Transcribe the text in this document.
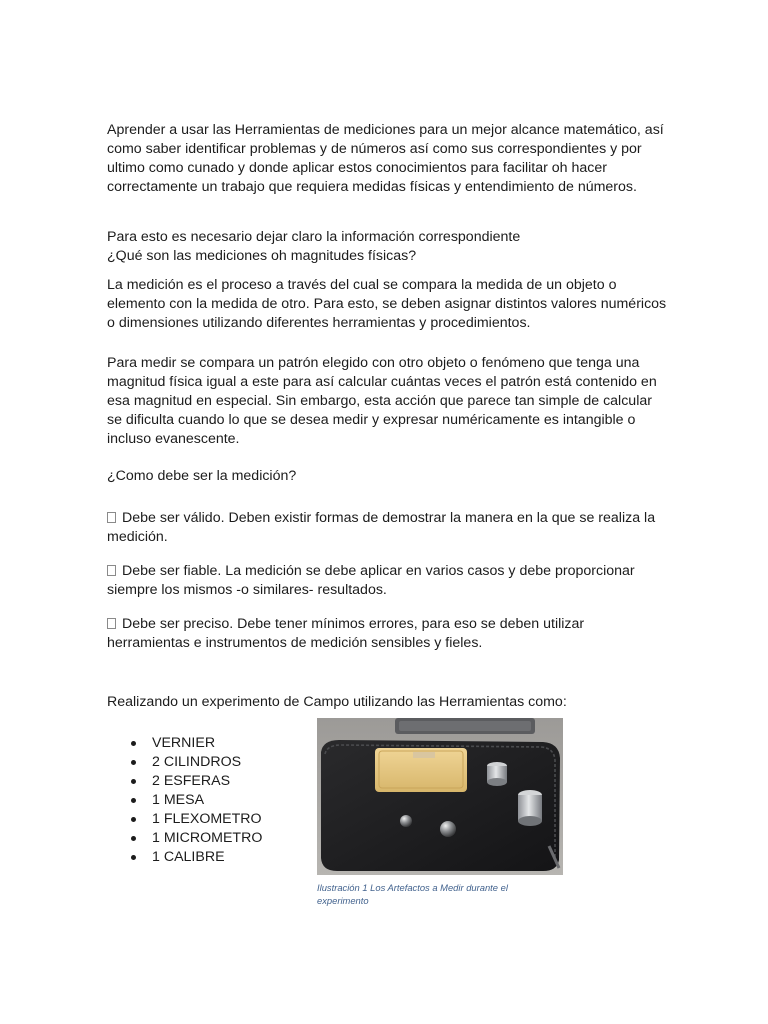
Aprender a usar las Herramientas de mediciones para un mejor alcance matemático, así como saber identificar problemas y de números así como sus correspondientes y por ultimo como cunado y donde aplicar estos conocimientos para facilitar oh hacer correctamente un trabajo que requiera medidas físicas y entendimiento de números.

Para esto es necesario dejar claro la información correspondiente

¿Qué son las mediciones oh magnitudes físicas?

La medición es el proceso a través del cual se compara la medida de un objeto o elemento con la medida de otro. Para esto, se deben asignar distintos valores numéricos o dimensiones utilizando diferentes herramientas y procedimientos.

Para medir se compara un patrón elegido con otro objeto o fenómeno que tenga una magnitud física igual a este para así calcular cuántas veces el patrón está contenido en esa magnitud en especial. Sin embargo, esta acción que parece tan simple de calcular se dificulta cuando lo que se desea medir y expresar numéricamente es intangible o incluso evanescente.

¿Como debe ser la medición?

Debe ser válido. Deben existir formas de demostrar la manera en la que se realiza la medición.

Debe ser fiable. La medición se debe aplicar en varios casos y debe proporcionar siempre los mismos -o similares- resultados.

Debe ser preciso. Debe tener mínimos errores, para eso se deben utilizar herramientas e instrumentos de medición sensibles y fieles.

Realizando un experimento de Campo utilizando las Herramientas como:

VERNIER
2 CILINDROS
2 ESFERAS
1 MESA
1 FLEXOMETRO
1 MICROMETRO
1 CALIBRE

Ilustración 1 Los Artefactos a Medir durante el experimento
